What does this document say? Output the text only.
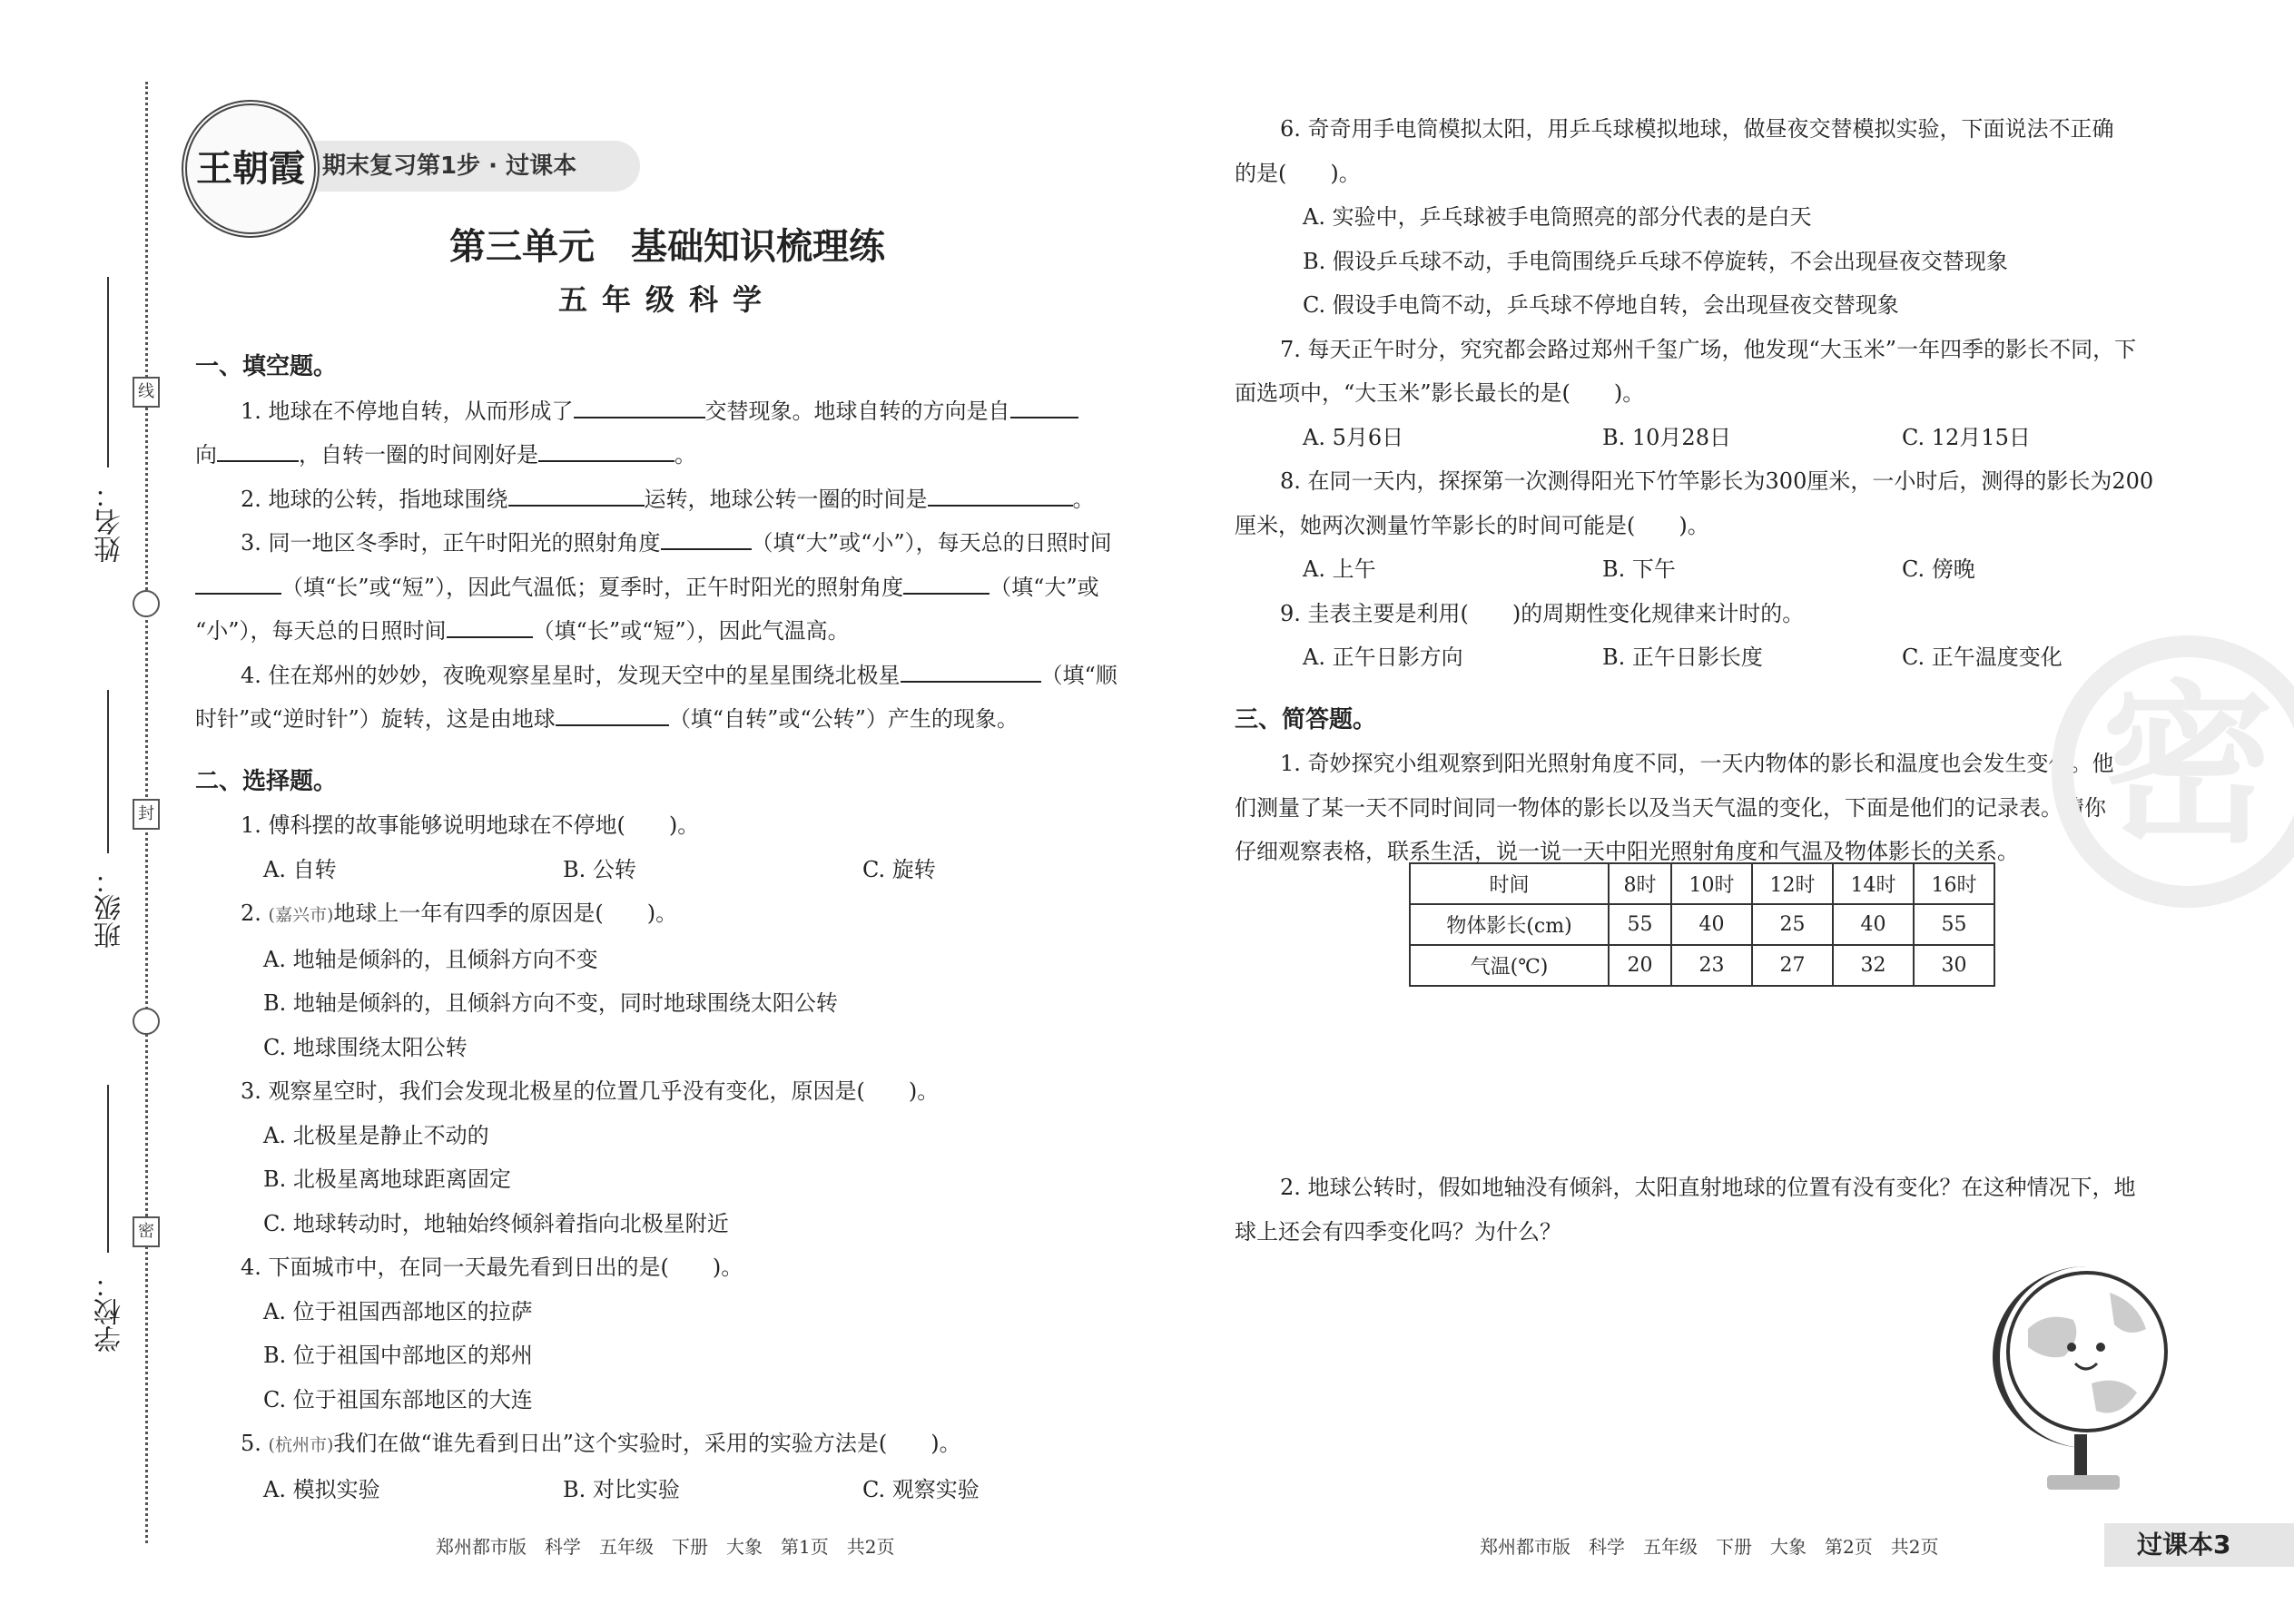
线
封
密
姓名：
班级：
学校：
期末复习第1步 · 过课本
王朝霞
第三单元　基础知识梳理练
五年级科学

一、填空题。

1. 地球在不停地自转，从而形成了	交替现象。地球自转的方向是自

向	，自转一圈的时间刚好是	。

2. 地球的公转，指地球围绕	运转，地球公转一圈的时间是	。

3. 同一地区冬季时，正午时阳光的照射角度	（填“大”或“小”），每天总的日照时间

（填“长”或“短”），因此气温低；夏季时，正午时阳光的照射角度	（填“大”或

“小”），每天总的日照时间	（填“长”或“短”），因此气温高。

4. 住在郑州的妙妙，夜晚观察星星时，发现天空中的星星围绕北极星	（填“顺

时针”或“逆时针”）旋转，这是由地球	（填“自转”或“公转”）产生的现象。

二、选择题。

1. 傅科摆的故事能够说明地球在不停地(　　)。

A. 自转	B. 公转	C. 旋转

2. (嘉兴市)地球上一年有四季的原因是(　　)。

A. 地轴是倾斜的，且倾斜方向不变

B. 地轴是倾斜的，且倾斜方向不变，同时地球围绕太阳公转

C. 地球围绕太阳公转

3. 观察星空时，我们会发现北极星的位置几乎没有变化，原因是(　　)。

A. 北极星是静止不动的

B. 北极星离地球距离固定

C. 地球转动时，地轴始终倾斜着指向北极星附近

4. 下面城市中，在同一天最先看到日出的是(　　)。

A. 位于祖国西部地区的拉萨

B. 位于祖国中部地区的郑州

C. 位于祖国东部地区的大连

5. (杭州市)我们在做“谁先看到日出”这个实验时，采用的实验方法是(　　)。

A. 模拟实验	B. 对比实验	C. 观察实验

6. 奇奇用手电筒模拟太阳，用乒乓球模拟地球，做昼夜交替模拟实验，下面说法不正确

的是(　　)。

A. 实验中，乒乓球被手电筒照亮的部分代表的是白天

B. 假设乒乓球不动，手电筒围绕乒乓球不停旋转，不会出现昼夜交替现象

C. 假设手电筒不动，乒乓球不停地自转，会出现昼夜交替现象

7. 每天正午时分，究究都会路过郑州千玺广场，他发现“大玉米”一年四季的影长不同，下

面选项中，“大玉米”影长最长的是(　　)。

A. 5月6日	B. 10月28日	C. 12月15日

8. 在同一天内，探探第一次测得阳光下竹竿影长为300厘米，一小时后，测得的影长为200

厘米，她两次测量竹竿影长的时间可能是(　　)。

A. 上午	B. 下午	C. 傍晚

9. 圭表主要是利用(　　)的周期性变化规律来计时的。

A. 正午日影方向	B. 正午日影长度	C. 正午温度变化

三、简答题。

1. 奇妙探究小组观察到阳光照射角度不同，一天内物体的影长和温度也会发生变化。他

们测量了某一天不同时间同一物体的影长以及当天气温的变化，下面是他们的记录表。请你

仔细观察表格，联系生活，说一说一天中阳光照射角度和气温及物体影长的关系。

时间	8时	10时	12时	14时	16时
物体影长(cm)	55	40	25	40	55
气温(℃)	20	23	27	32	30

2. 地球公转时，假如地轴没有倾斜，太阳直射地球的位置有没有变化？在这种情况下，地

球上还会有四季变化吗？为什么？

密
郑州都市版　科学　五年级　下册　大象　第1页　共2页	郑州都市版　科学　五年级　下册　大象　第2页　共2页	过课本3
